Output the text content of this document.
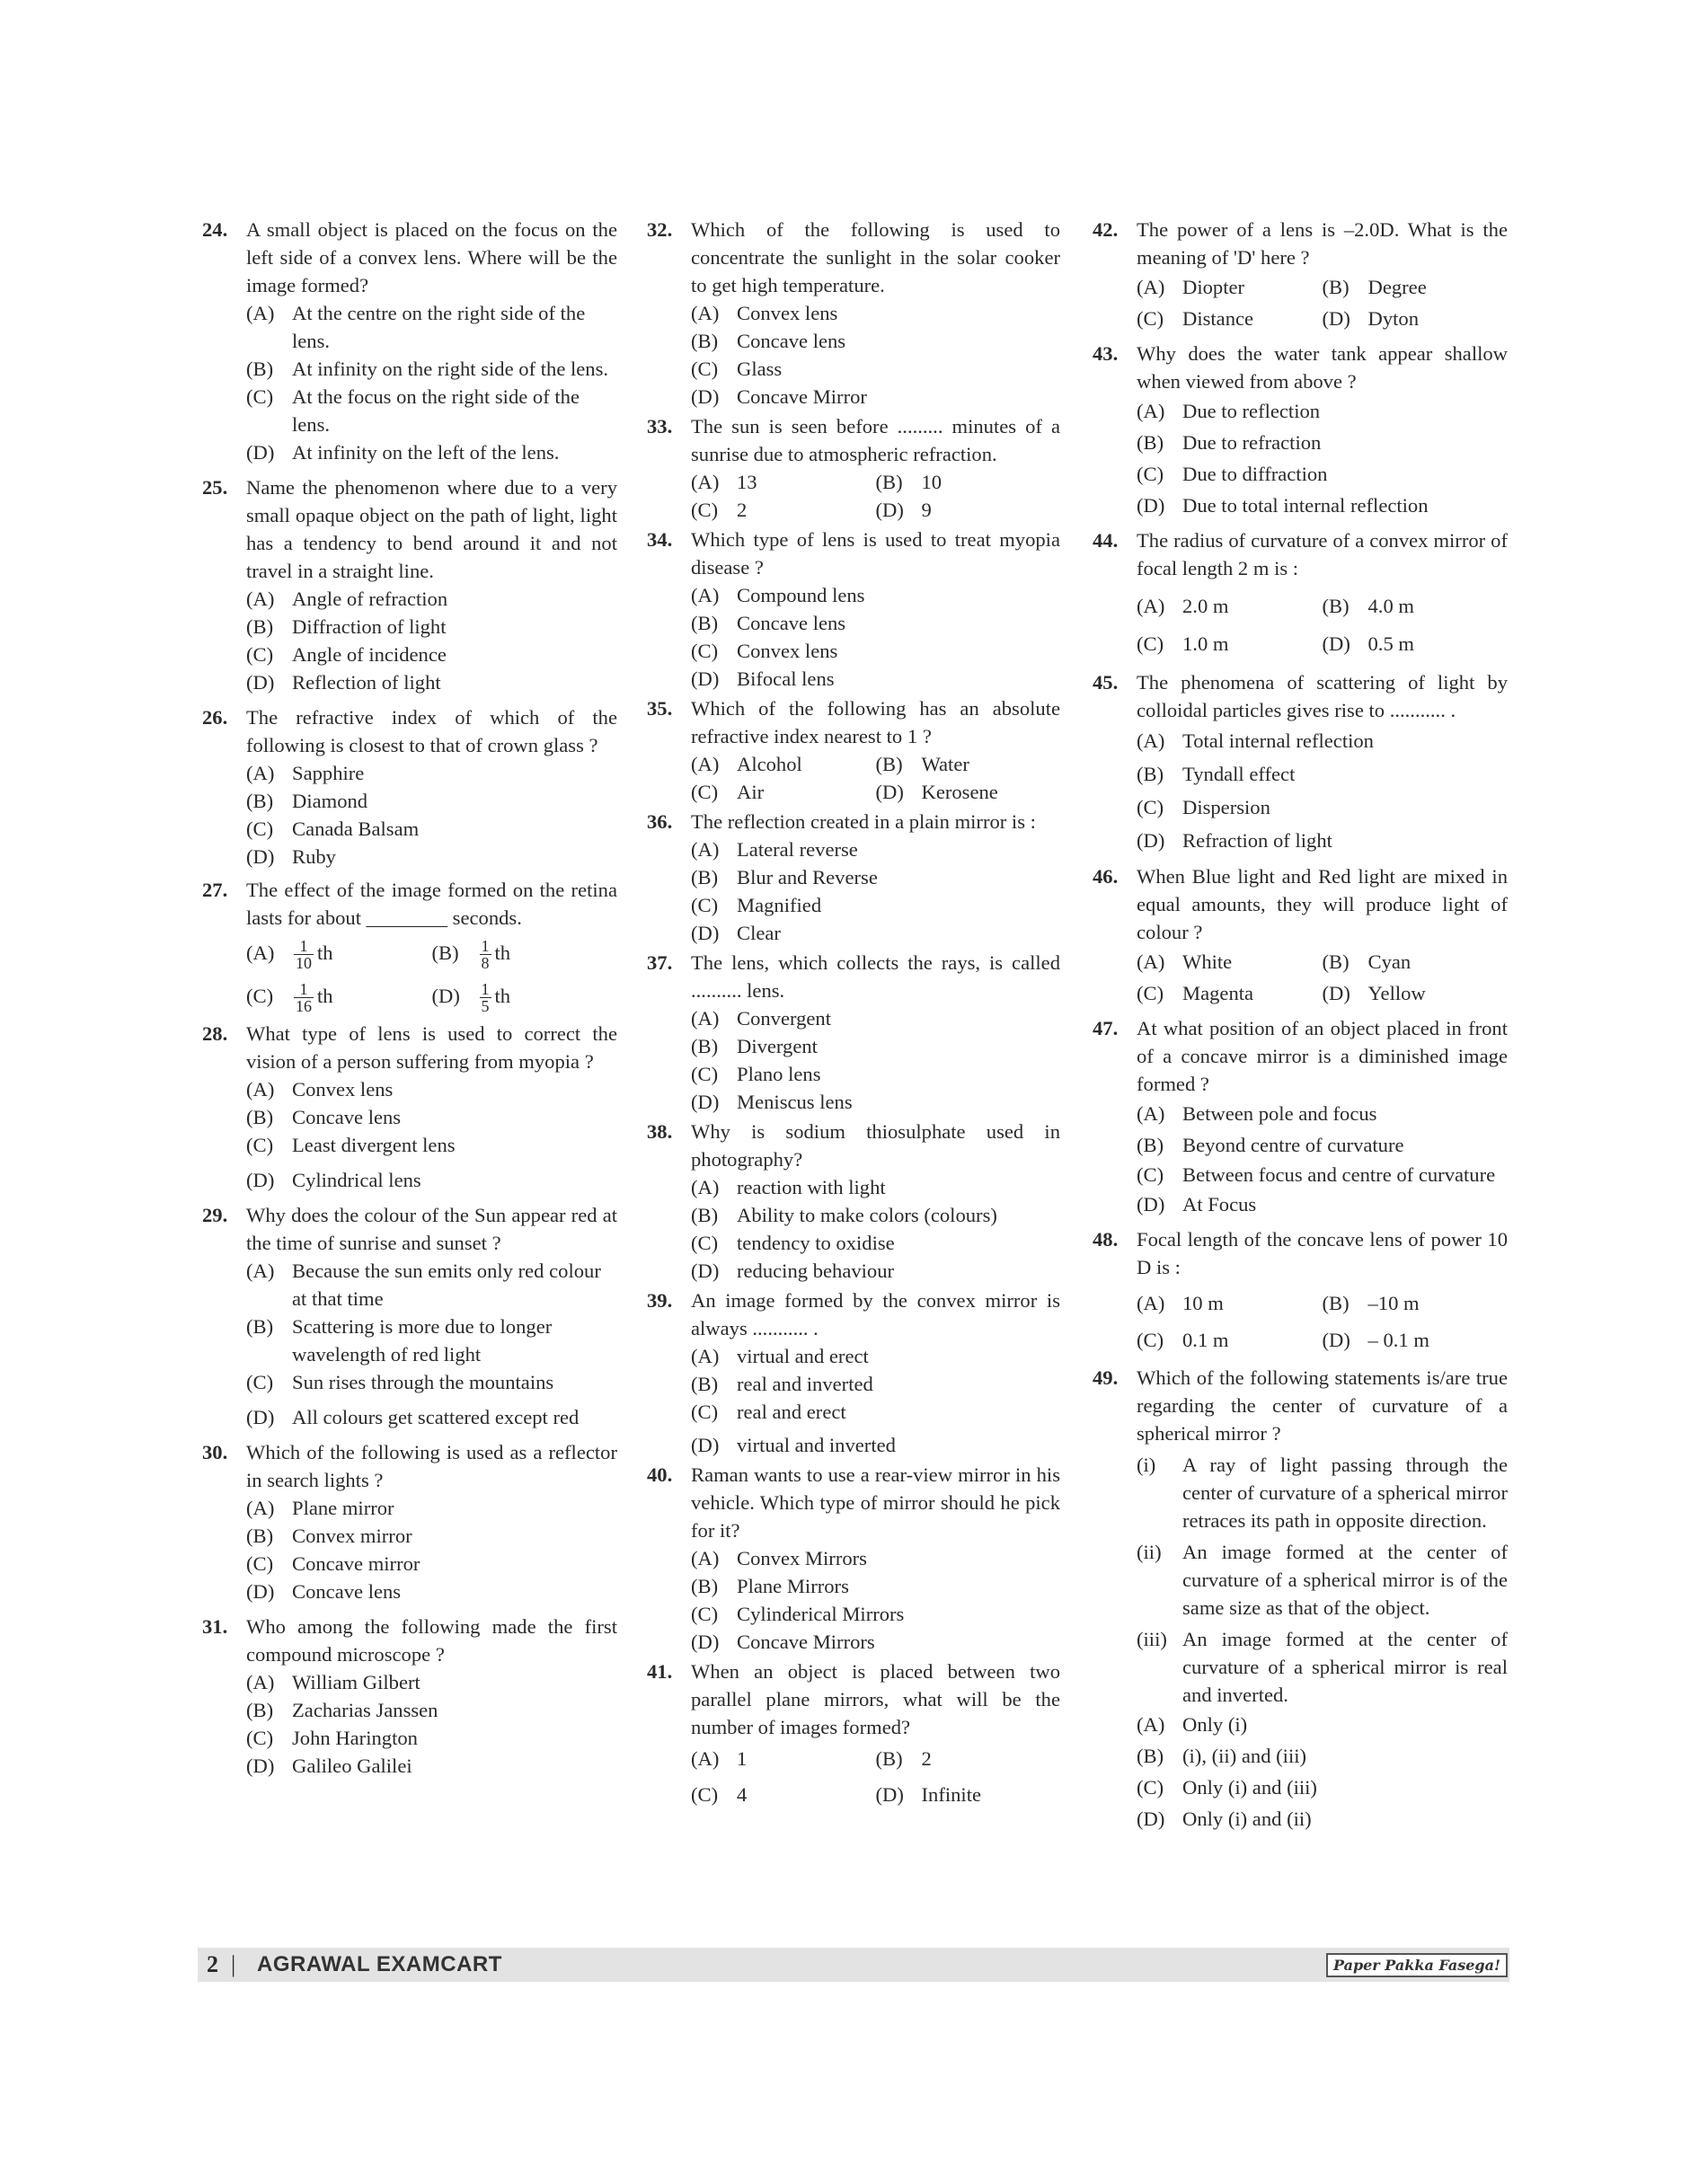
24. A small object is placed on the focus on the left side of a convex lens. Where will be the image formed?
(A) At the centre on the right side of the lens.
(B) At infinity on the right side of the lens.
(C) At the focus on the right side of the lens.
(D) At infinity on the left of the lens.
25. Name the phenomenon where due to a very small opaque object on the path of light, light has a tendency to bend around it and not travel in a straight line.
(A) Angle of refraction
(B) Diffraction of light
(C) Angle of incidence
(D) Reflection of light
26. The refractive index of which of the following is closest to that of crown glass ?
(A) Sapphire
(B) Diamond
(C) Canada Balsam
(D) Ruby
27. The effect of the image formed on the retina lasts for about ________ seconds.
$(A) \frac{1}{10}$ th	$(B) \frac{1}{8}$ th
$(C) \frac{1}{16}$ th	$(D) \frac{1}{5}$ th
28. What type of lens is used to correct the vision of a person suffering from myopia ?
(A) Convex lens
(B) Concave lens
(C) Least divergent lens
(D) Cylindrical lens
29. Why does the colour of the Sun appear red at the time of sunrise and sunset ?
(A) Because the sun emits only red colour at that time
(B) Scattering is more due to longer wavelength of red light
(C) Sun rises through the mountains
(D) All colours get scattered except red
30. Which of the following is used as a reflector in search lights ?
(A) Plane mirror
(B) Convex mirror
(C) Concave mirror
(D) Concave lens
31. Who among the following made the first compound microscope ?
(A) William Gilbert
(B) Zacharias Janssen
(C) John Harington
(D) Galileo Galilei
32. Which of the following is used to concentrate the sunlight in the solar cooker to get high temperature.
(A) Convex lens
(B) Concave lens
(C) Glass
(D) Concave Mirror
33. The sun is seen before ......... minutes of a sunrise due to atmospheric refraction.
(A) 13	(B) 10
(C) 2	(D) 9
34. Which type of lens is used to treat myopia disease ?
(A) Compound lens
(B) Concave lens
(C) Convex lens
(D) Bifocal lens
35. Which of the following has an absolute refractive index nearest to 1 ?
(A) Alcohol	(B) Water
(C) Air	(D) Kerosene
36. The reflection created in a plain mirror is :
(A) Lateral reverse
(B) Blur and Reverse
(C) Magnified
(D) Clear
37. The lens, which collects the rays, is called .......... lens.
(A) Convergent
(B) Divergent
(C) Plano lens
(D) Meniscus lens
38. Why is sodium thiosulphate used in photography?
(A) reaction with light
(B) Ability to make colors (colours)
(C) tendency to oxidise
(D) reducing behaviour
39. An image formed by the convex mirror is always ........... .
(A) virtual and erect
(B) real and inverted
(C) real and erect
(D) virtual and inverted
40. Raman wants to use a rear-view mirror in his vehicle. Which type of mirror should he pick for it?
(A) Convex Mirrors
(B) Plane Mirrors
(C) Cylinderical Mirrors
(D) Concave Mirrors
41. When an object is placed between two parallel plane mirrors, what will be the number of images formed?
(A) 1	(B) 2
(C) 4	(D) Infinite
42. The power of a lens is –2.0D. What is the meaning of 'D' here ?
(A) Diopter	(B) Degree
(C) Distance	(D) Dyton
43. Why does the water tank appear shallow when viewed from above ?
(A) Due to reflection
(B) Due to refraction
(C) Due to diffraction
(D) Due to total internal reflection
44. The radius of curvature of a convex mirror of focal length 2 m is :
(A) 2.0 m	(B) 4.0 m
(C) 1.0 m	(D) 0.5 m
45. The phenomena of scattering of light by colloidal particles gives rise to ........... .
(A) Total internal reflection
(B) Tyndall effect
(C) Dispersion
(D) Refraction of light
46. When Blue light and Red light are mixed in equal amounts, they will produce light of colour ?
(A) White	(B) Cyan
(C) Magenta	(D) Yellow
47. At what position of an object placed in front of a concave mirror is a diminished image formed ?
(A) Between pole and focus
(B) Beyond centre of curvature
(C) Between focus and centre of curvature
(D) At Focus
48. Focal length of the concave lens of power 10 D is :
(A) 10 m	(B) –10 m
(C) 0.1 m	(D) – 0.1 m
49. Which of the following statements is/are true regarding the center of curvature of a spherical mirror ?
(i) A ray of light passing through the center of curvature of a spherical mirror retraces its path in opposite direction.
(ii) An image formed at the center of curvature of a spherical mirror is of the same size as that of the object.
(iii) An image formed at the center of curvature of a spherical mirror is real and inverted.
(A) Only (i)
(B) (i), (ii) and (iii)
(C) Only (i) and (iii)
(D) Only (i) and (ii)
2 | AGRAWAL EXAMCART	Paper Pakka Fasega!
